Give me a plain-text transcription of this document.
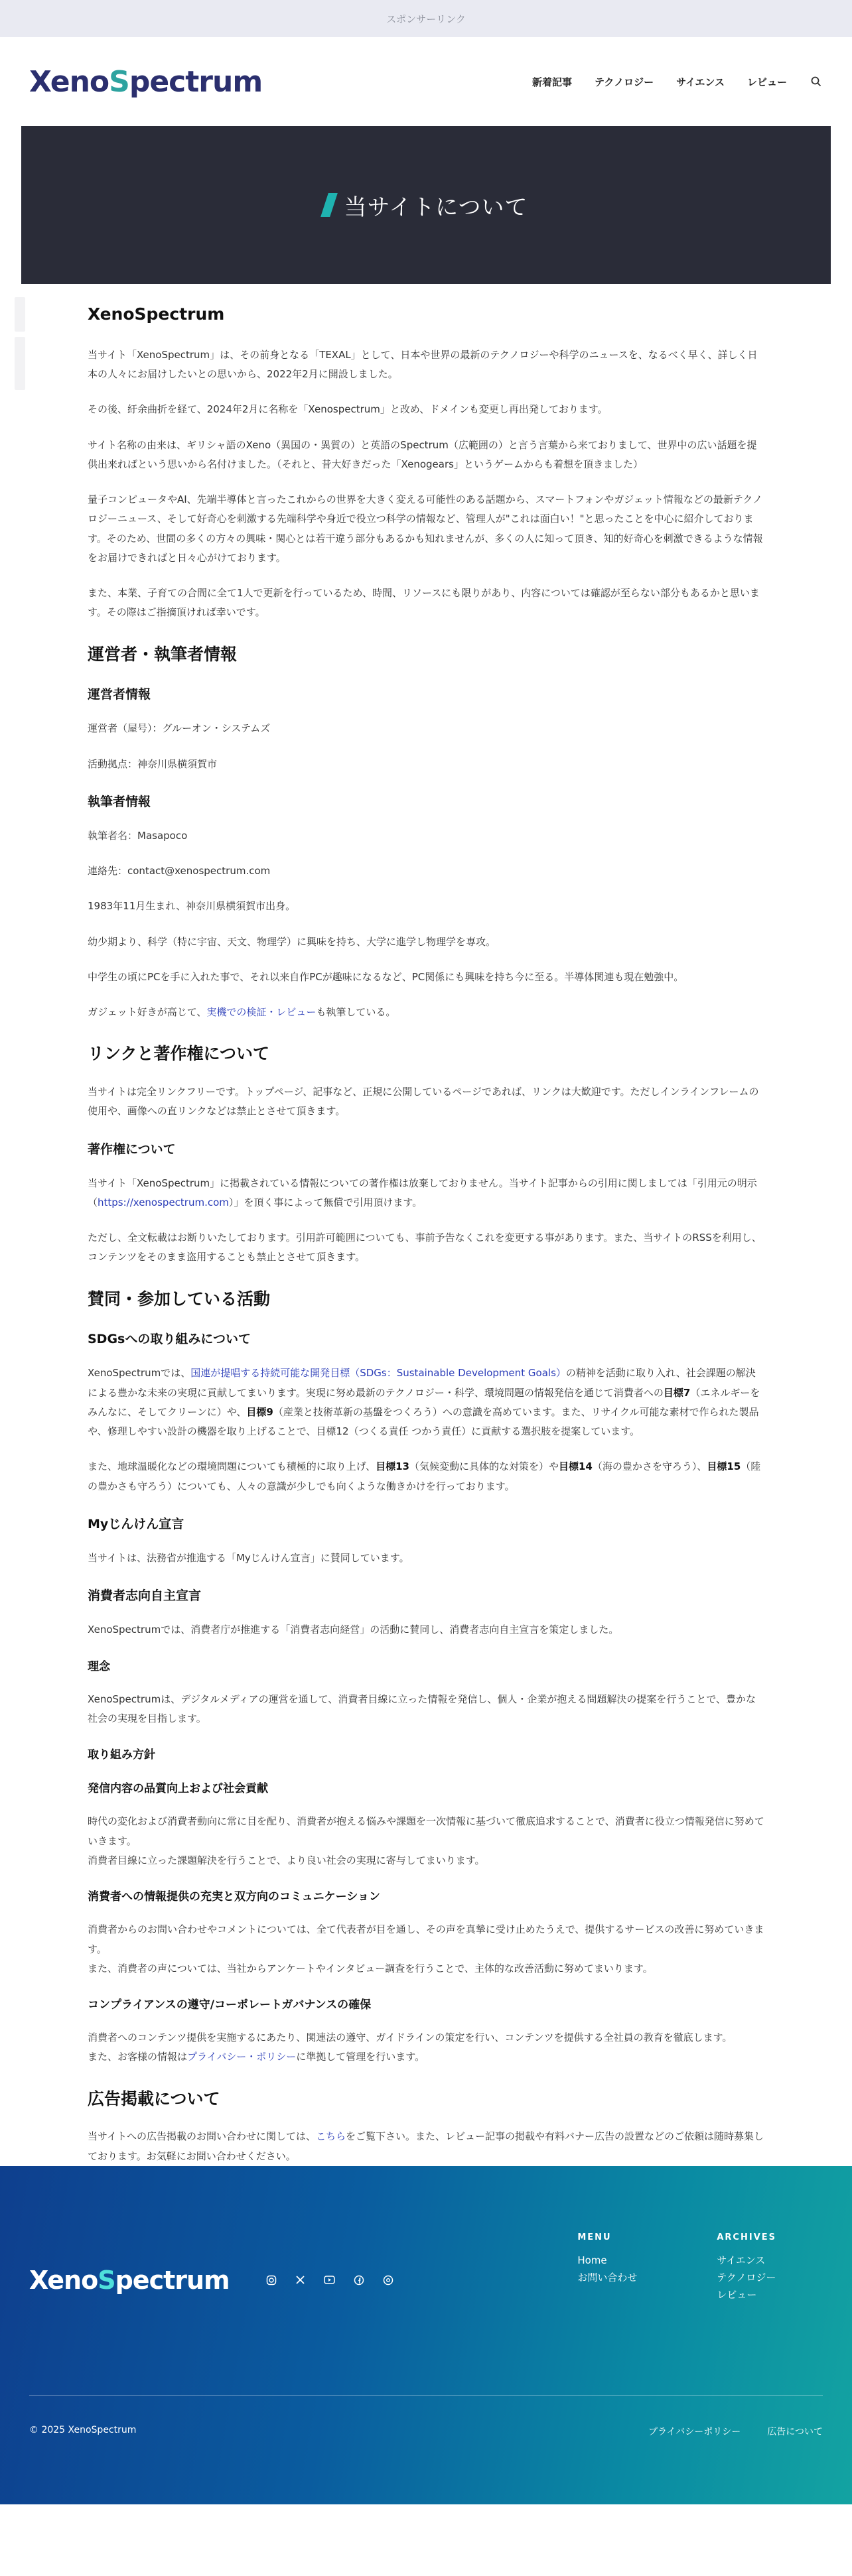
スポンサーリンク
XenoSpectrum	新着記事 テクノロジー サイエンス レビュー
当サイトについて
XenoSpectrum

当サイト「XenoSpectrum」は、その前身となる「TEXAL」として、日本や世界の最新のテクノロジーや科学のニュースを、なるべく早く、詳しく日本の人々にお届けしたいとの思いから、2022年2月に開設しました。

その後、紆余曲折を経て、2024年2月に名称を「Xenospectrum」と改め、ドメインも変更し再出発しております。

サイト名称の由来は、ギリシャ語のXeno（異国の・異質の）と英語のSpectrum（広範囲の）と言う言葉から来ておりまして、世界中の広い話題を提供出来ればという思いから名付けました。（それと、昔大好きだった「Xenogears」というゲームからも着想を頂きました）

量子コンピュータやAI、先端半導体と言ったこれからの世界を大きく変える可能性のある話題から、スマートフォンやガジェット情報などの最新テクノロジーニュース、そして好奇心を刺激する先端科学や身近で役立つ科学の情報など、管理人が"これは面白い！"と思ったことを中心に紹介しております。そのため、世間の多くの方々の興味・関心とは若干違う部分もあるかも知れませんが、多くの人に知って頂き、知的好奇心を刺激できるような情報をお届けできればと日々心がけております。

また、本業、子育ての合間に全て1人で更新を行っているため、時間、リソースにも限りがあり、内容については確認が至らない部分もあるかと思います。その際はご指摘頂ければ幸いです。

運営者・執筆者情報
運営者情報

運営者（屋号）：グルーオン・システムズ

活動拠点：神奈川県横須賀市

執筆者情報

執筆者名：Masapoco

連絡先：contact@xenospectrum.com

1983年11月生まれ、神奈川県横須賀市出身。

幼少期より、科学（特に宇宙、天文、物理学）に興味を持ち、大学に進学し物理学を専攻。

中学生の頃にPCを手に入れた事で、それ以来自作PCが趣味になるなど、PC関係にも興味を持ち今に至る。半導体関連も現在勉強中。

ガジェット好きが高じて、実機での検証・レビューも執筆している。

リンクと著作権について

当サイトは完全リンクフリーです。トップページ、記事など、正規に公開しているページであれば、リンクは大歓迎です。ただしインラインフレームの使用や、画像への直リンクなどは禁止とさせて頂きます。

著作権について

当サイト「XenoSpectrum」に掲載されている情報についての著作権は放棄しておりません。当サイト記事からの引用に関しましては「引用元の明示（https://xenospectrum.com）」を頂く事によって無償で引用頂けます。

ただし、全文転載はお断りいたしております。引用許可範囲についても、事前予告なくこれを変更する事があります。また、当サイトのRSSを利用し、コンテンツをそのまま盗用することも禁止とさせて頂きます。

賛同・参加している活動
SDGsへの取り組みについて

XenoSpectrumでは、国連が提唱する持続可能な開発目標（SDGs：Sustainable Development Goals）の精神を活動に取り入れ、社会課題の解決による豊かな未来の実現に貢献してまいります。実現に努め最新のテクノロジー・科学、環境問題の情報発信を通じて消費者への目標7（エネルギーをみんなに、そしてクリーンに）や、目標9（産業と技術革新の基盤をつくろう）への意識を高めています。また、リサイクル可能な素材で作られた製品や、修理しやすい設計の機器を取り上げることで、目標12（つくる責任 つかう責任）に貢献する選択肢を提案しています。

また、地球温暖化などの環境問題についても積極的に取り上げ、目標13（気候変動に具体的な対策を）や目標14（海の豊かさを守ろう）、目標15（陸の豊かさも守ろう）についても、人々の意識が少しでも向くような働きかけを行っております。

Myじんけん宣言

当サイトは、法務省が推進する「Myじんけん宣言」に賛同しています。

消費者志向自主宣言

XenoSpectrumでは、消費者庁が推進する「消費者志向経営」の活動に賛同し、消費者志向自主宣言を策定しました。

理念

XenoSpectrumは、デジタルメディアの運営を通して、消費者目線に立った情報を発信し、個人・企業が抱える問題解決の提案を行うことで、豊かな社会の実現を目指します。

取り組み方針
発信内容の品質向上および社会貢献

時代の変化および消費者動向に常に目を配り、消費者が抱える悩みや課題を一次情報に基づいて徹底追求することで、消費者に役立つ情報発信に努めていきます。
消費者目線に立った課題解決を行うことで、より良い社会の実現に寄与してまいります。

消費者への情報提供の充実と双方向のコミュニケーション

消費者からのお問い合わせやコメントについては、全て代表者が目を通し、その声を真摯に受け止めたうえで、提供するサービスの改善に努めていきます。
また、消費者の声については、当社からアンケートやインタビュー調査を行うことで、主体的な改善活動に努めてまいります。

コンプライアンスの遵守/コーポレートガバナンスの確保

消費者へのコンテンツ提供を実施するにあたり、関連法の遵守、ガイドラインの策定を行い、コンテンツを提供する全社員の教育を徹底します。
また、お客様の情報はプライバシー・ポリシーに準拠して管理を行います。

広告掲載について

当サイトへの広告掲載のお問い合わせに関しては、こちらをご覧下さい。また、レビュー記事の掲載や有料バナー広告の設置などのご依頼は随時募集しております。お気軽にお問い合わせください。

XenoSpectrum
MENU
Home
お問い合わせ
ARCHIVES
サイエンス
テクノロジー
レビュー
© 2025 XenoSpectrum	プライバシーポリシー	広告について
